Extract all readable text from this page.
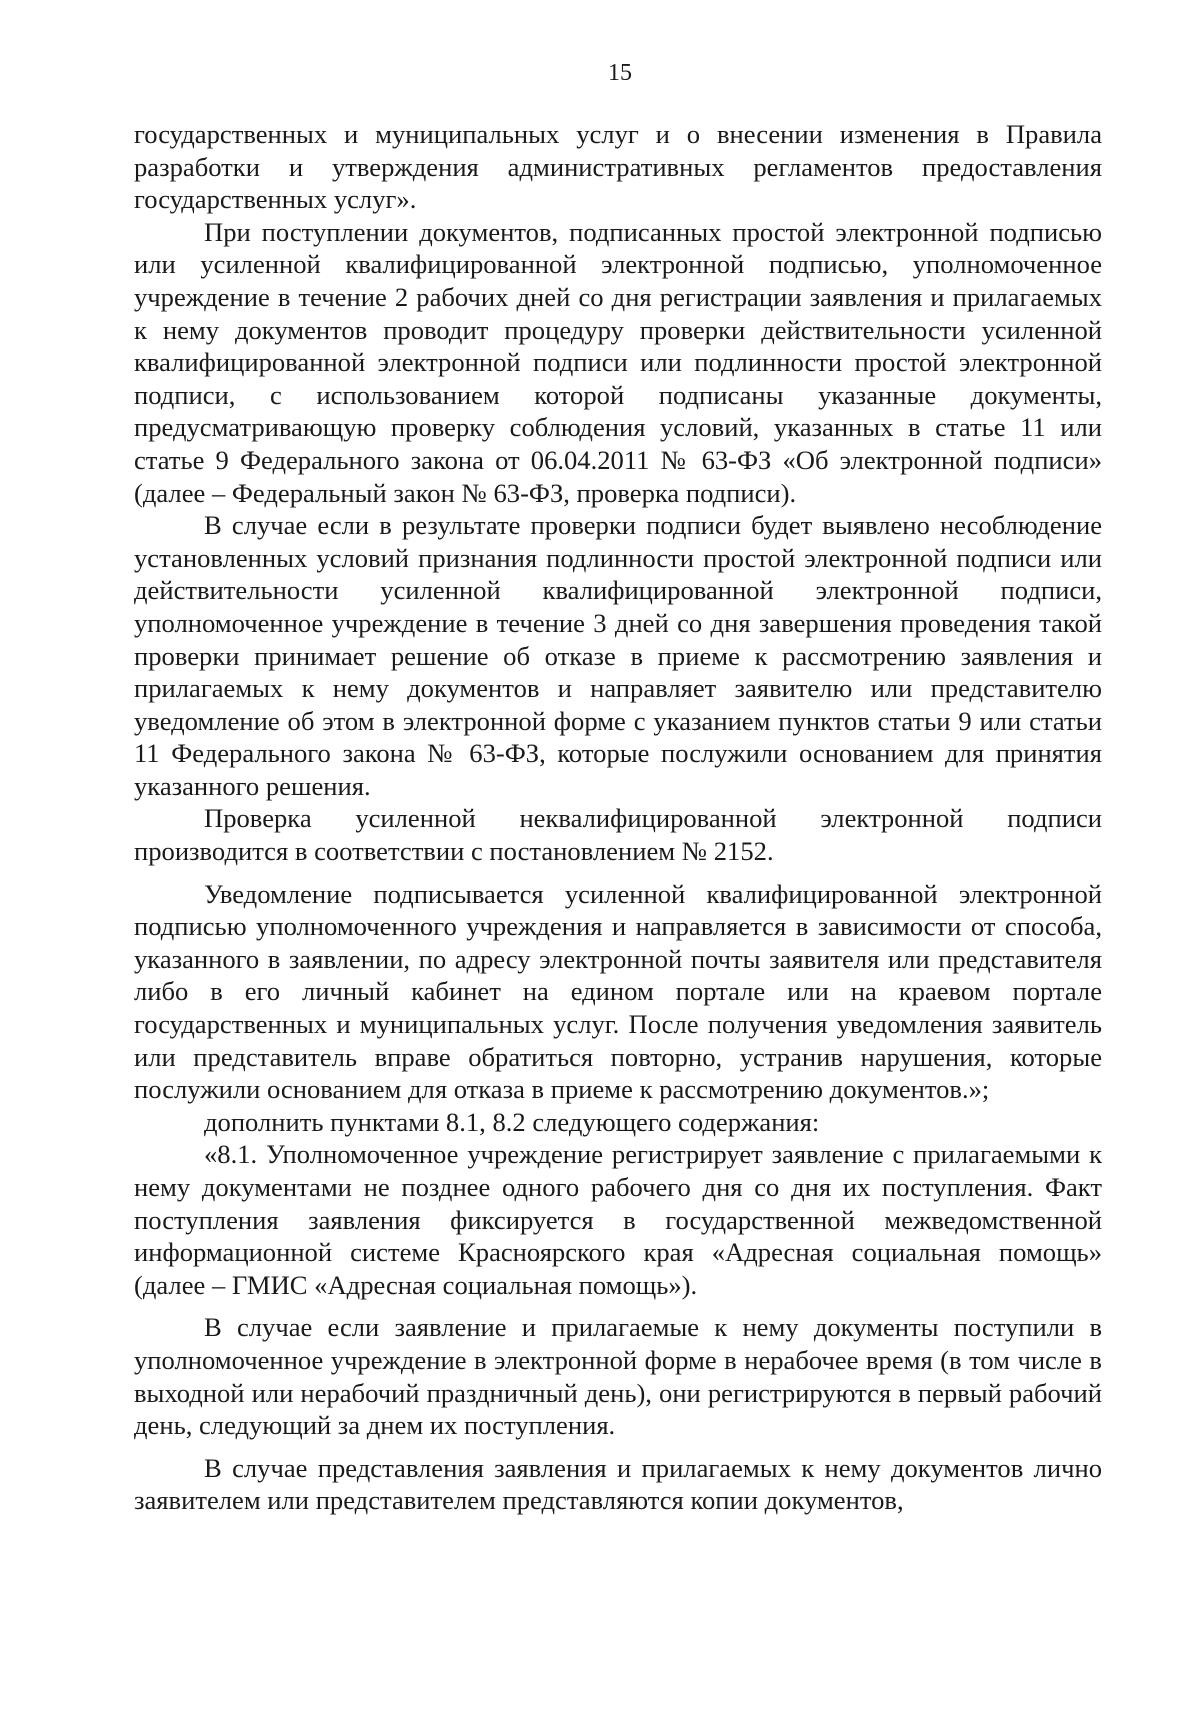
15

государственных и муниципальных услуг и о внесении изменения в Правила разработки и утверждения административных регламентов предоставления государственных услуг».

При поступлении документов, подписанных простой электронной подписью или усиленной квалифицированной электронной подписью, уполномоченное учреждение в течение 2 рабочих дней со дня регистрации заявления и прилагаемых к нему документов проводит процедуру проверки действительности усиленной квалифицированной электронной подписи или подлинности простой электронной подписи, с использованием которой подписаны указанные документы, предусматривающую проверку соблюдения условий, указанных в статье 11 или статье 9 Федерального закона от 06.04.2011 № 63-ФЗ «Об электронной подписи» (далее – Федеральный закон № 63-ФЗ, проверка подписи).

В случае если в результате проверки подписи будет выявлено несоблюдение установленных условий признания подлинности простой электронной подписи или действительности усиленной квалифицированной электронной подписи, уполномоченное учреждение в течение 3 дней со дня завершения проведения такой проверки принимает решение об отказе в приеме к рассмотрению заявления и прилагаемых к нему документов и направляет заявителю или представителю уведомление об этом в электронной форме с указанием пунктов статьи 9 или статьи 11 Федерального закона № 63-ФЗ, которые послужили основанием для принятия указанного решения.

Проверка усиленной неквалифицированной электронной подписи производится в соответствии с постановлением № 2152.

Уведомление подписывается усиленной квалифицированной электронной подписью уполномоченного учреждения и направляется в зависимости от способа, указанного в заявлении, по адресу электронной почты заявителя или представителя либо в его личный кабинет на едином портале или на краевом портале государственных и муниципальных услуг. После получения уведомления заявитель или представитель вправе обратиться повторно, устранив нарушения, которые послужили основанием для отказа в приеме к рассмотрению документов.»;

дополнить пунктами 8.1, 8.2 следующего содержания:

«8.1. Уполномоченное учреждение регистрирует заявление с прилагаемыми к нему документами не позднее одного рабочего дня со дня их поступления. Факт поступления заявления фиксируется в государственной межведомственной информационной системе Красноярского края «Адресная социальная помощь» (далее – ГМИС «Адресная социальная помощь»).

В случае если заявление и прилагаемые к нему документы поступили в уполномоченное учреждение в электронной форме в нерабочее время (в том числе в выходной или нерабочий праздничный день), они регистрируются в первый рабочий день, следующий за днем их поступления.

В случае представления заявления и прилагаемых к нему документов лично заявителем или представителем представляются копии документов,
